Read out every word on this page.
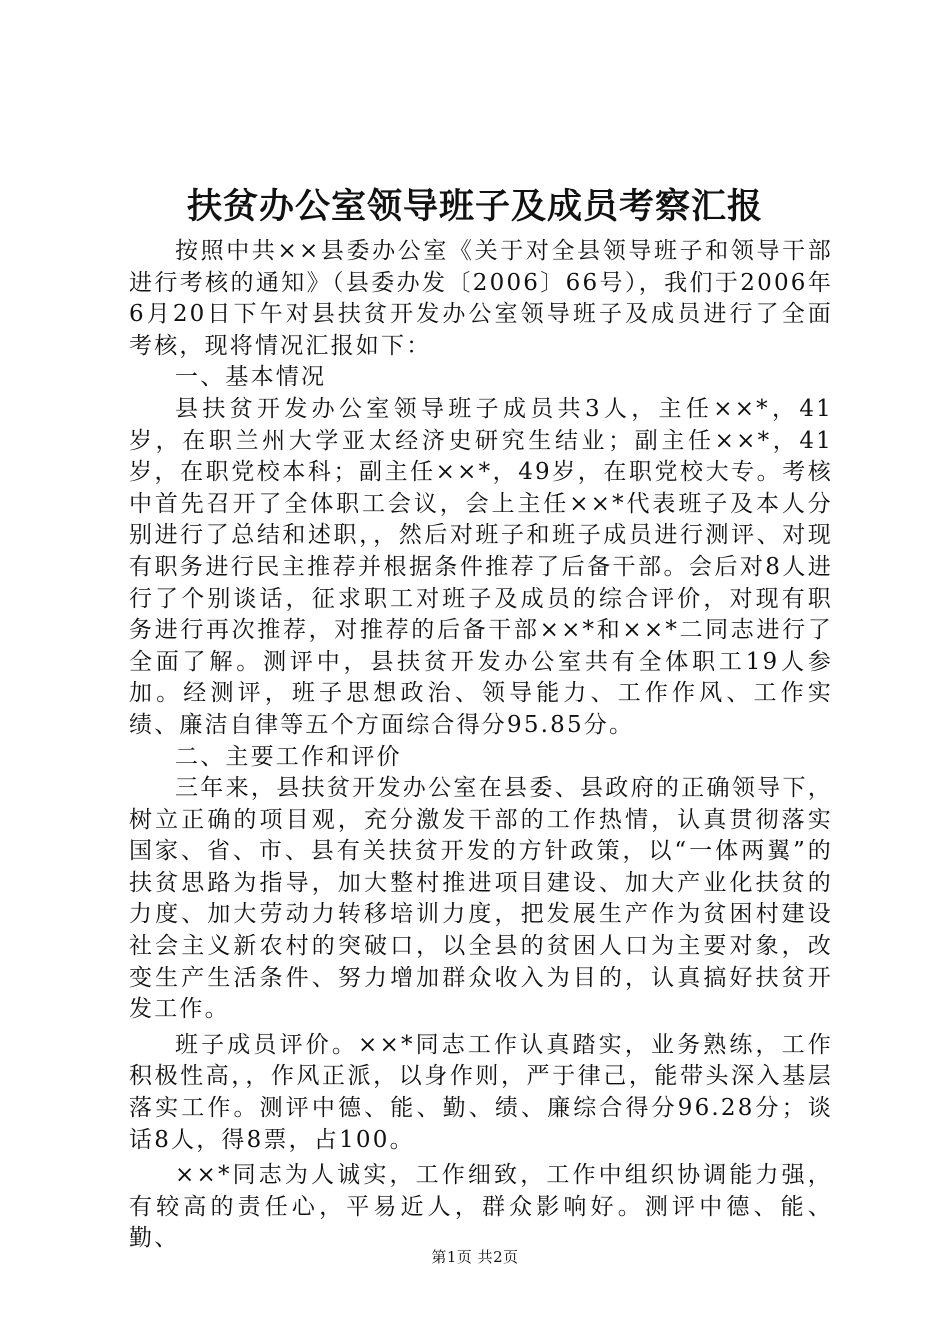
扶贫办公室领导班子及成员考察汇报

按照中共××县委办公室《关于对全县领导班子和领导干部进行考核的通知》（县委办发〔2006〕66号），我们于2006年6月20日下午对县扶贫开发办公室领导班子及成员进行了全面考核，现将情况汇报如下：

一、基本情况

县扶贫开发办公室领导班子成员共3人，主任××*，41岁，在职兰州大学亚太经济史研究生结业；副主任××*，41岁，在职党校本科；副主任××*，49岁，在职党校大专。考核中首先召开了全体职工会议，会上主任××*代表班子及本人分别进行了总结和述职，，然后对班子和班子成员进行测评、对现有职务进行民主推荐并根据条件推荐了后备干部。会后对8人进行了个别谈话，征求职工对班子及成员的综合评价，对现有职务进行再次推荐，对推荐的后备干部××*和××*二同志进行了全面了解。测评中，县扶贫开发办公室共有全体职工19人参加。经测评，班子思想政治、领导能力、工作作风、工作实绩、廉洁自律等五个方面综合得分95.85分。

二、主要工作和评价

三年来，县扶贫开发办公室在县委、县政府的正确领导下，树立正确的项目观，充分激发干部的工作热情，认真贯彻落实国家、省、市、县有关扶贫开发的方针政策，以“一体两翼”的扶贫思路为指导，加大整村推进项目建设、加大产业化扶贫的力度、加大劳动力转移培训力度，把发展生产作为贫困村建设社会主义新农村的突破口，以全县的贫困人口为主要对象，改变生产生活条件、努力增加群众收入为目的，认真搞好扶贫开发工作。

班子成员评价。××*同志工作认真踏实，业务熟练，工作积极性高，，作风正派，以身作则，严于律己，能带头深入基层落实工作。测评中德、能、勤、绩、廉综合得分96.28分；谈话8人，得8票，占100。

××*同志为人诚实，工作细致，工作中组织协调能力强，有较高的责任心，平易近人，群众影响好。测评中德、能、勤、

第1页 共2页
